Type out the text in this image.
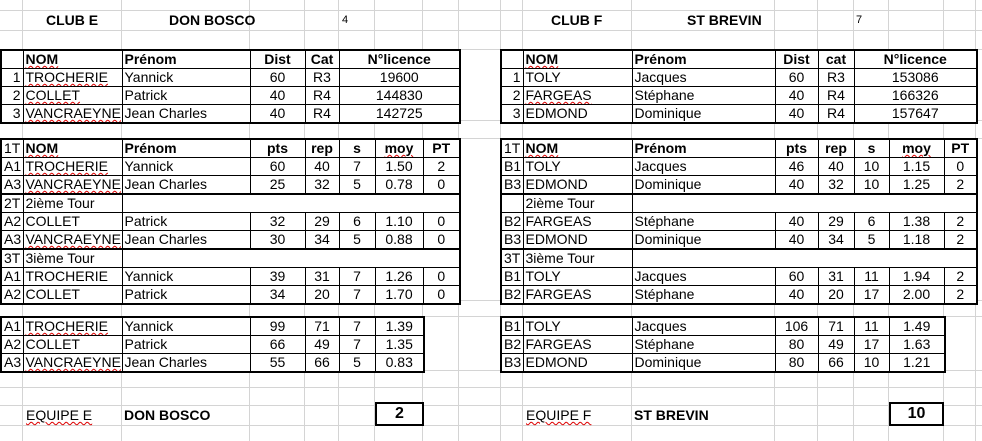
CLUB E	DON BOSCO	4	CLUB F	ST BREVIN	7
	NOM	Prénom	Dist	Cat	N°licence
1	TROCHERIE	Yannick	60	R3	19600
2	COLLET	Patrick	40	R4	144830
3	VANCRAEYNE	Jean Charles	40	R4	142725
	NOM	Prénom	Dist	cat	N°licence
1	TOLY	Jacques	60	R3	153086
2	FARGEAS	Stéphane	40	R4	166326
3	EDMOND	Dominique	40	R4	157647
1T	NOM	Prénom	pts	rep	s	moy	PT
A1	TROCHERIE	Yannick	60	40	7	1.50	2
A3	VANCRAEYNE	Jean Charles	25	32	5	0.78	0
2T	2ième Tour						
A2	COLLET	Patrick	32	29	6	1.10	0
A3	VANCRAEYNE	Jean Charles	30	34	5	0.88	0
3T	3ième Tour						
A1	TROCHERIE	Yannick	39	31	7	1.26	0
A2	COLLET	Patrick	34	20	7	1.70	0
1T	NOM	Prénom	pts	rep	s	moy	PT
B1	TOLY	Jacques	46	40	10	1.15	0
B3	EDMOND	Dominique	40	32	10	1.25	2
	2ième Tour						
B2	FARGEAS	Stéphane	40	29	6	1.38	2
B3	EDMOND	Dominique	40	34	5	1.18	2
3T	3ième Tour						
B1	TOLY	Jacques	60	31	11	1.94	2
B2	FARGEAS	Stéphane	40	20	17	2.00	2
A1	TROCHERIE	Yannick	99	71	7	1.39
A2	COLLET	Patrick	66	49	7	1.35
A3	VANCRAEYNE	Jean Charles	55	66	5	0.83
B1	TOLY	Jacques	106	71	11	1.49
B2	FARGEAS	Stéphane	80	49	17	1.63
B3	EDMOND	Dominique	80	66	10	1.21
EQUIPE E DON BOSCO	2	EQUIPE F	ST BREVIN	10
